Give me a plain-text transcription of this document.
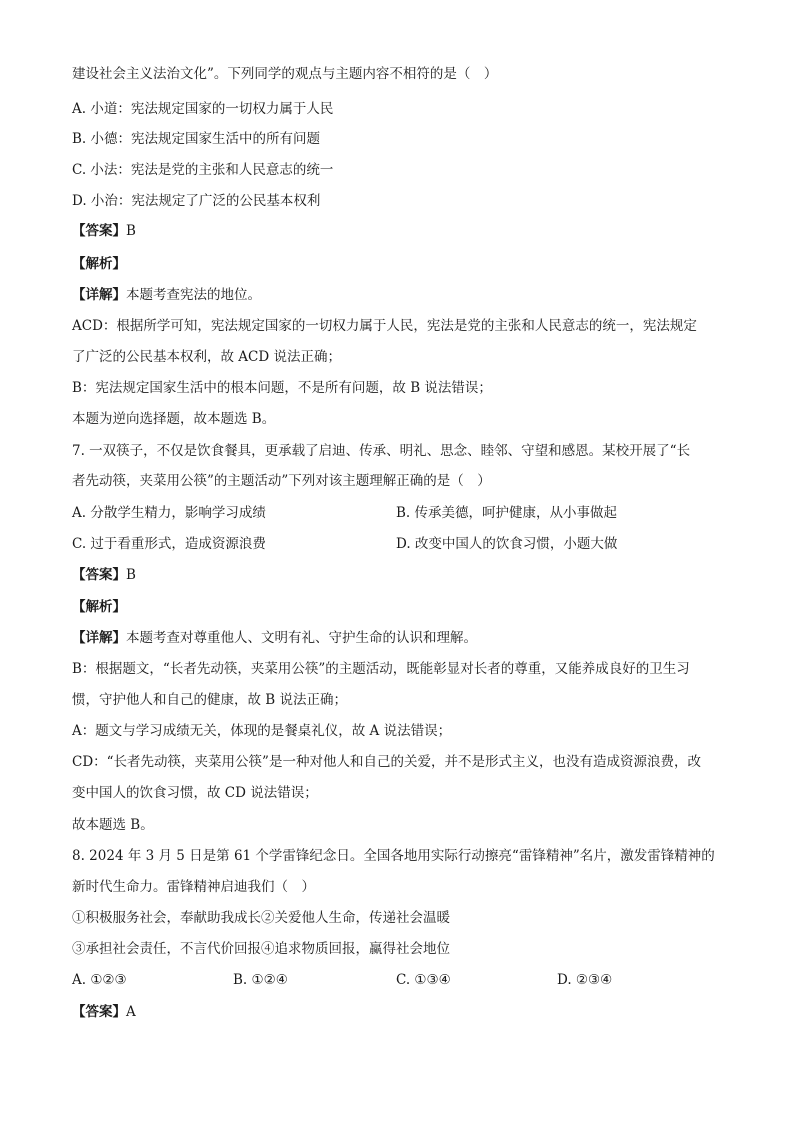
建设社会主义法治文化”。下列同学的观点与主题内容不相符的是（　）
A. 小道：宪法规定国家的一切权力属于人民
B. 小德：宪法规定国家生活中的所有问题
C. 小法：宪法是党的主张和人民意志的统一
D. 小治：宪法规定了广泛的公民基本权利
【答案】B
【解析】
【详解】本题考查宪法的地位。
ACD：根据所学可知，宪法规定国家的一切权力属于人民，宪法是党的主张和人民意志的统一，宪法规定
了广泛的公民基本权利，故 ACD 说法正确；
B：宪法规定国家生活中的根本问题，不是所有问题，故 B 说法错误；
本题为逆向选择题，故本题选 B。
7. 一双筷子，不仅是饮食餐具，更承载了启迪、传承、明礼、思念、睦邻、守望和感恩。某校开展了“长
者先动筷，夹菜用公筷”的主题活动”下列对该主题理解正确的是（　）
A. 分散学生精力，影响学习成绩	B. 传承美德，呵护健康，从小事做起
C. 过于看重形式，造成资源浪费	D. 改变中国人的饮食习惯，小题大做
【答案】B
【解析】
【详解】本题考查对尊重他人、文明有礼、守护生命的认识和理解。
B：根据题文，“长者先动筷，夹菜用公筷”的主题活动，既能彰显对长者的尊重，又能养成良好的卫生习
惯，守护他人和自己的健康，故 B 说法正确；
A：题文与学习成绩无关，体现的是餐桌礼仪，故 A 说法错误；
CD：“长者先动筷，夹菜用公筷”是一种对他人和自己的关爱，并不是形式主义，也没有造成资源浪费，改
变中国人的饮食习惯，故 CD 说法错误；
故本题选 B。
8. 2024 年 3 月 5 日是第 61 个学雷锋纪念日。全国各地用实际行动擦亮“雷锋精神”名片，激发雷锋精神的
新时代生命力。雷锋精神启迪我们（　）
①积极服务社会，奉献助我成长②关爱他人生命，传递社会温暖
③承担社会责任，不言代价回报④追求物质回报，赢得社会地位
A. ①②③	B. ①②④	C. ①③④	D. ②③④
【答案】A
